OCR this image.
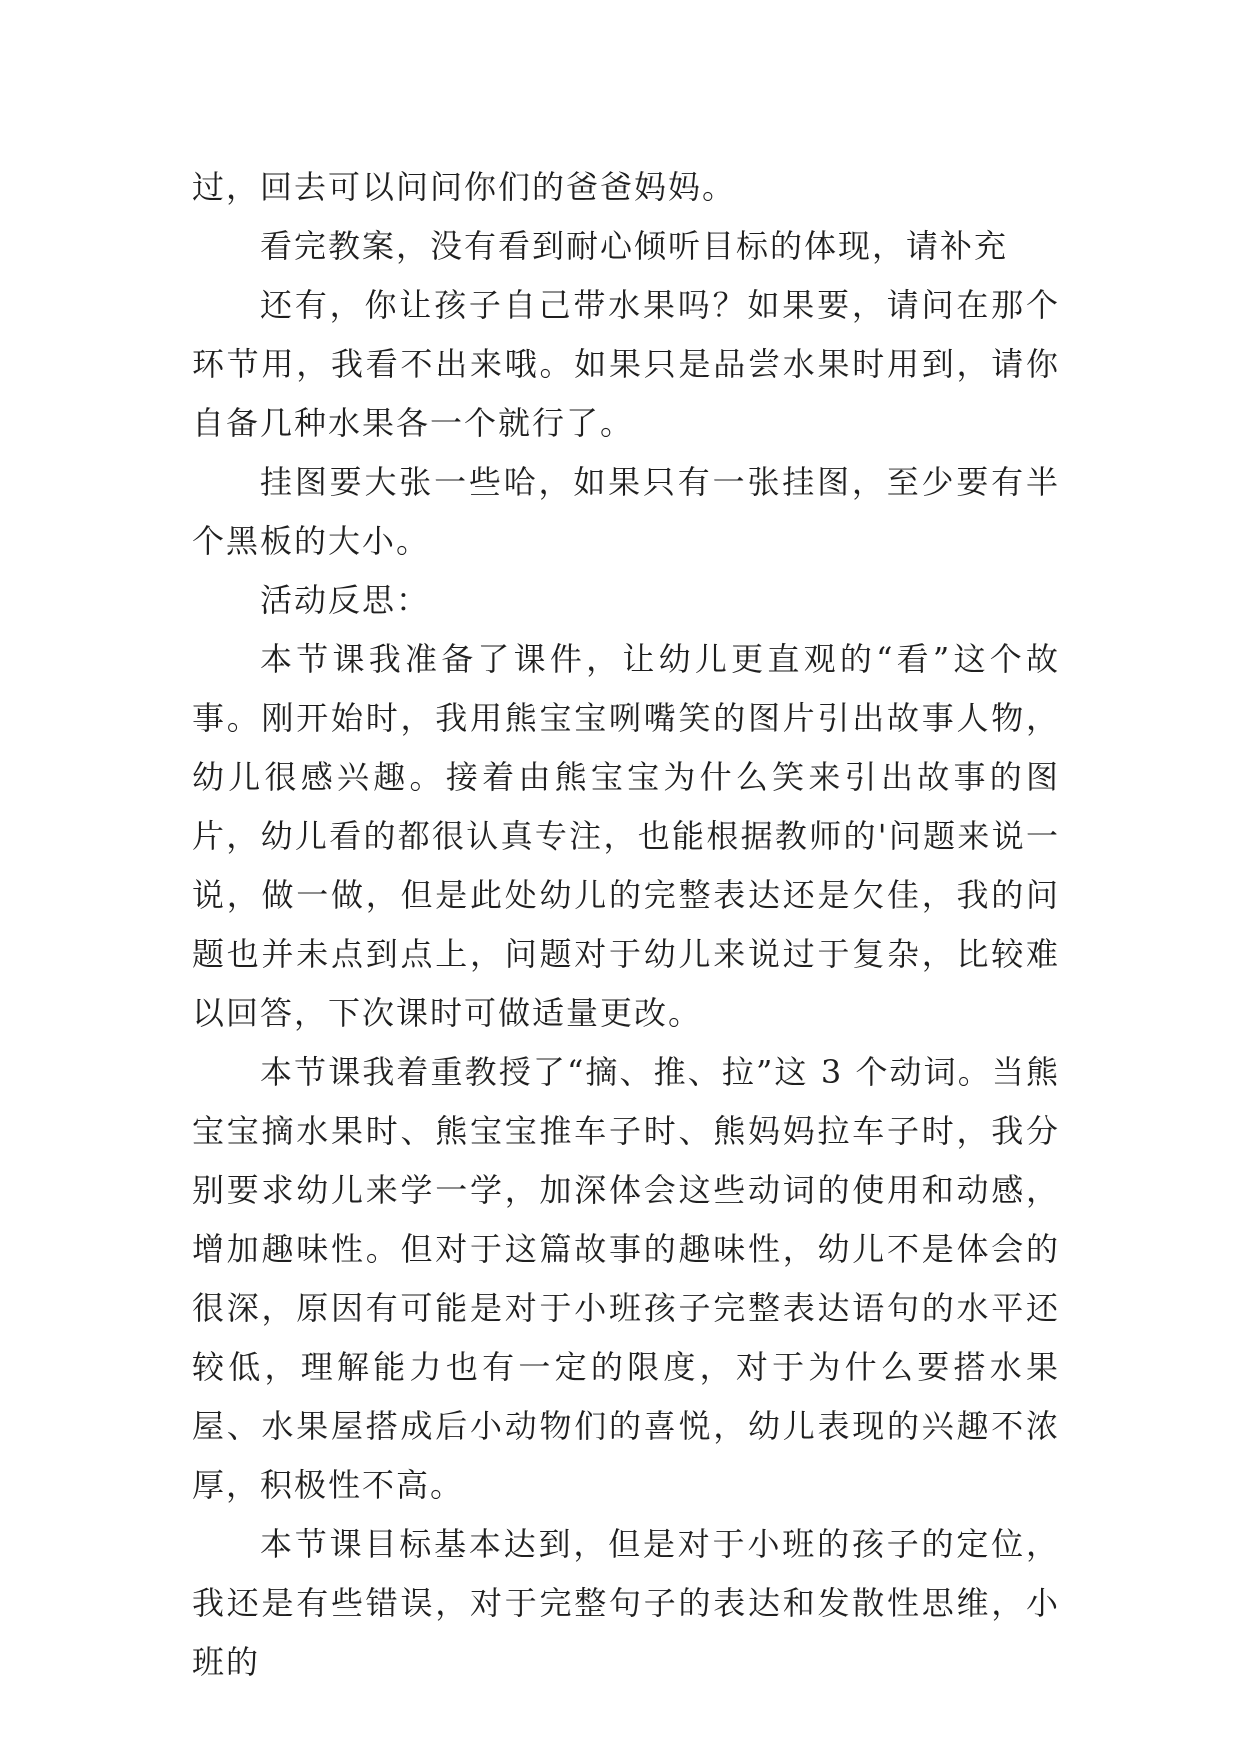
过，回去可以问问你们的爸爸妈妈。

看完教案，没有看到耐心倾听目标的体现，请补充

还有，你让孩子自己带水果吗？如果要，请问在那个环节用，我看不出来哦。如果只是品尝水果时用到，请你自备几种水果各一个就行了。

挂图要大张一些哈，如果只有一张挂图，至少要有半个黑板的大小。

活动反思：

本节课我准备了课件，让幼儿更直观的“看”这个故事。刚开始时，我用熊宝宝咧嘴笑的图片引出故事人物，幼儿很感兴趣。接着由熊宝宝为什么笑来引出故事的图片，幼儿看的都很认真专注，也能根据教师的'问题来说一说，做一做，但是此处幼儿的完整表达还是欠佳，我的问题也并未点到点上，问题对于幼儿来说过于复杂，比较难以回答，下次课时可做适量更改。

本节课我着重教授了“摘、推、拉”这 3 个动词。当熊宝宝摘水果时、熊宝宝推车子时、熊妈妈拉车子时，我分别要求幼儿来学一学，加深体会这些动词的使用和动感，增加趣味性。但对于这篇故事的趣味性，幼儿不是体会的很深，原因有可能是对于小班孩子完整表达语句的水平还较低，理解能力也有一定的限度，对于为什么要搭水果屋、水果屋搭成后小动物们的喜悦，幼儿表现的兴趣不浓厚，积极性不高。

本节课目标基本达到，但是对于小班的孩子的定位，我还是有些错误，对于完整句子的表达和发散性思维，小班的
